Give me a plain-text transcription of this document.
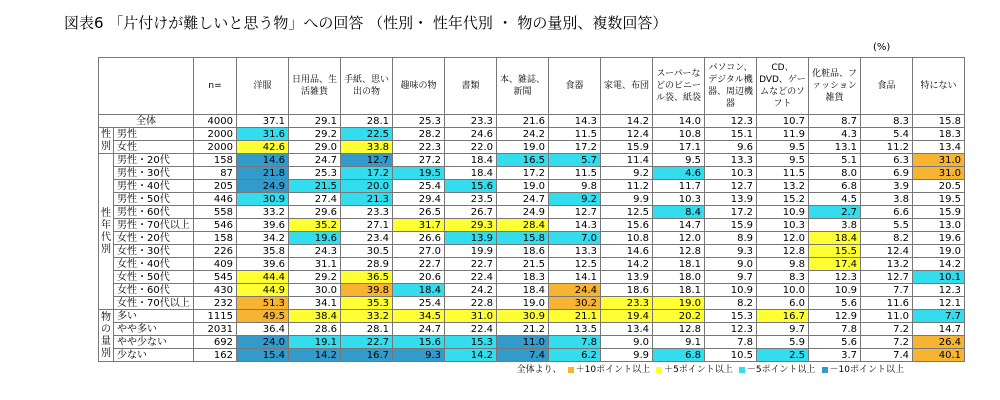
図表6 「片付けが難しいと思う物」への回答 （性別・ 性年代別 ・ 物の量別、複数回答）
(%)
		n=	洋服	日用品、生活雑貨	手紙、思い出の物	趣味の物	書類	本、雑誌、新聞	食器	家電、布団	スーパーなどのビニール袋、紙袋	パソコン、デジタル機器、周辺機器	CD、DVD、ゲームなどのソフト	化粧品、ファッション雑貨	食品	特にない
全体		4000	37.1	29.1	28.1	25.3	23.3	21.6	14.3	14.2	14.0	12.3	10.7	8.7	8.3	15.8
性別	男性	2000	31.6	29.2	22.5	28.2	24.6	24.2	11.5	12.4	10.8	15.1	11.9	4.3	5.4	18.3
	女性	2000	42.6	29.0	33.8	22.3	22.0	19.0	17.2	15.9	17.1	9.6	9.5	13.1	11.2	13.4
性年代別	男性・20代	158	14.6	24.7	12.7	27.2	18.4	16.5	5.7	11.4	9.5	13.3	9.5	5.1	6.3	31.0
	男性・30代	87	21.8	25.3	17.2	19.5	18.4	17.2	11.5	9.2	4.6	10.3	11.5	8.0	6.9	31.0
	男性・40代	205	24.9	21.5	20.0	25.4	15.6	19.0	9.8	11.2	11.7	12.7	13.2	6.8	3.9	20.5
	男性・50代	446	30.9	27.4	21.3	29.4	23.5	24.7	9.2	9.9	10.3	13.9	15.2	4.5	3.8	19.5
	男性・60代	558	33.2	29.6	23.3	26.5	26.7	24.9	12.7	12.5	8.4	17.2	10.9	2.7	6.6	15.9
	男性・70代以上	546	39.6	35.2	27.1	31.7	29.3	28.4	14.3	15.6	14.7	15.9	10.3	3.8	5.5	13.0
	女性・20代	158	34.2	19.6	23.4	26.6	13.9	15.8	7.0	10.8	12.0	8.9	12.0	18.4	8.2	19.6
	女性・30代	226	35.8	24.3	30.5	27.0	19.9	18.6	13.3	14.6	12.8	9.3	12.8	15.5	12.4	19.0
	女性・40代	409	39.6	31.1	28.9	22.7	22.7	21.5	12.5	14.2	18.1	9.0	9.8	17.4	13.2	14.2
	女性・50代	545	44.4	29.2	36.5	20.6	22.4	18.3	14.1	13.9	18.0	9.7	8.3	12.3	12.7	10.1
	女性・60代	430	44.9	30.0	39.8	18.4	24.2	18.4	24.4	18.6	18.1	10.9	10.0	10.9	7.7	12.3
	女性・70代以上	232	51.3	34.1	35.3	25.4	22.8	19.0	30.2	23.3	19.0	8.2	6.0	5.6	11.6	12.1
物の量別	多い	1115	49.5	38.4	33.2	34.5	31.0	30.9	21.1	19.4	20.2	15.3	16.7	12.9	11.0	7.7
	やや多い	2031	36.4	28.6	28.1	24.7	22.4	21.2	13.5	13.4	12.8	12.3	9.7	7.8	7.2	14.7
	やや少ない	692	24.0	19.1	22.7	15.6	15.3	11.0	7.8	9.0	9.1	7.8	5.9	5.6	7.2	26.4
	少ない	162	15.4	14.2	16.7	9.3	14.2	7.4	6.2	9.9	6.8	10.5	2.5	3.7	7.4	40.1
全体より、 ＋10ポイント以上 ＋5ポイント以上 －5ポイント以上 －10ポイント以上
